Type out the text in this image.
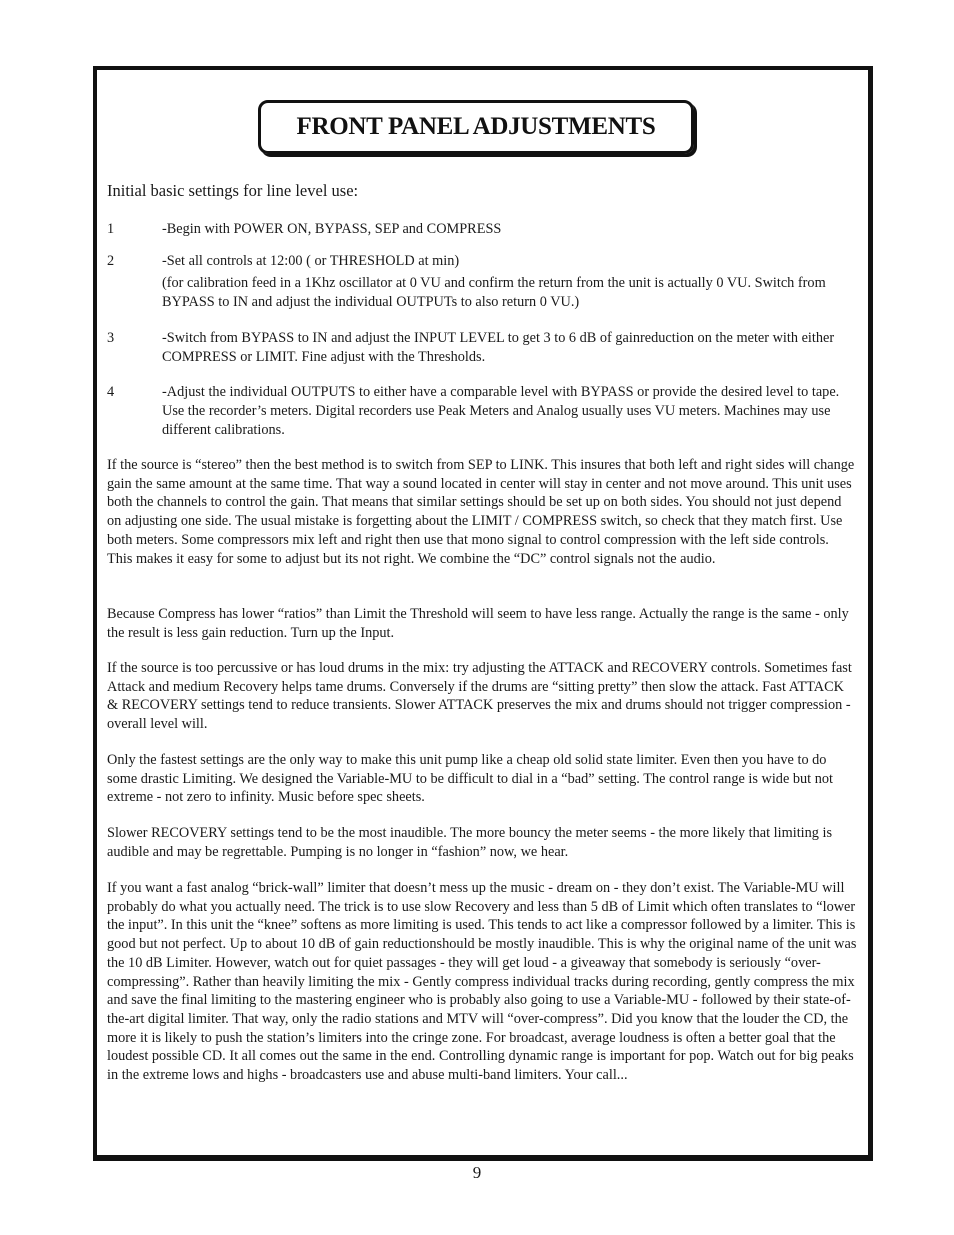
FRONT PANEL ADJUSTMENTS

Initial basic settings for line level use:

1	-Begin with POWER ON, BYPASS, SEP and COMPRESS

2	-Set all controls at 12:00 ( or THRESHOLD at min)

(for calibration feed in a 1Khz oscillator at 0 VU and confirm the return from the unit is actually 0 VU. Switch from BYPASS to IN and adjust the individual OUTPUTs to also return 0 VU.)

3	-Switch from BYPASS to IN and adjust the INPUT LEVEL to get 3 to 6 dB of gainreduction on the meter with either COMPRESS or LIMIT. Fine adjust with the Thresholds.

4	-Adjust the individual OUTPUTS to either have a comparable level with BYPASS or provide the desired level to tape. Use the recorder’s meters. Digital recorders use Peak Meters and Analog usually uses VU meters. Machines may use different calibrations.

If the source is “stereo” then the best method is to switch from SEP to LINK. This insures that both left and right sides will change gain the same amount at the same time. That way a sound located in center will stay in center and not move around. This unit uses both the channels to control the gain. That means that similar settings should be set up on both sides. You should not just depend on adjusting one side. The usual mistake is forgetting about the LIMIT / COMPRESS switch, so check that they match first. Use both meters. Some compressors mix left and right then use that mono signal to control compression with the left side controls. This makes it easy for some to adjust but its not right. We combine the “DC” control signals not the audio.

Because Compress has lower “ratios” than Limit the Threshold will seem to have less range. Actually the range is the same - only the result is less gain reduction. Turn up the Input.

If the source is too percussive or has loud drums in the mix: try adjusting the ATTACK and RECOVERY controls. Sometimes fast Attack and medium Recovery helps tame drums. Conversely if the drums are “sitting pretty” then slow the attack. Fast ATTACK & RECOVERY settings tend to reduce transients. Slower ATTACK preserves the mix and drums should not trigger compression - overall level will.

Only the fastest settings are the only way to make this unit pump like a cheap old solid state limiter. Even then you have to do some drastic Limiting. We designed the Variable-MU to be difficult to dial in a “bad” setting. The control range is wide but not extreme - not zero to infinity. Music before spec sheets.

Slower RECOVERY settings tend to be the most inaudible. The more bouncy the meter seems - the more likely that limiting is audible and may be regrettable. Pumping is no longer in “fashion” now, we hear.

If you want a fast analog “brick-wall” limiter that doesn’t mess up the music - dream on - they don’t exist. The Variable-MU will probably do what you actually need. The trick is to use slow Recovery and less than 5 dB of Limit which often translates to “lower the input”. In this unit the “knee” softens as more limiting is used. This tends to act like a compressor followed by a limiter. This is good but not perfect. Up to about 10 dB of gain reductionshould be mostly inaudible. This is why the original name of the unit was the 10 dB Limiter. However, watch out for quiet passages - they will get loud - a giveaway that somebody is seriously “over-compressing”. Rather than heavily limiting the mix - Gently compress individual tracks during recording, gently compress the mix and save the final limiting to the mastering engineer who is probably also going to use a Variable-MU - followed by their state-of-the-art digital limiter. That way, only the radio stations and MTV will “over-compress”. Did you know that the louder the CD, the more it is likely to push the station’s limiters into the cringe zone. For broadcast, average loudness is often a better goal that the loudest possible CD. It all comes out the same in the end. Controlling dynamic range is important for pop. Watch out for big peaks in the extreme lows and highs - broadcasters use and abuse multi-band limiters. Your call...

9
